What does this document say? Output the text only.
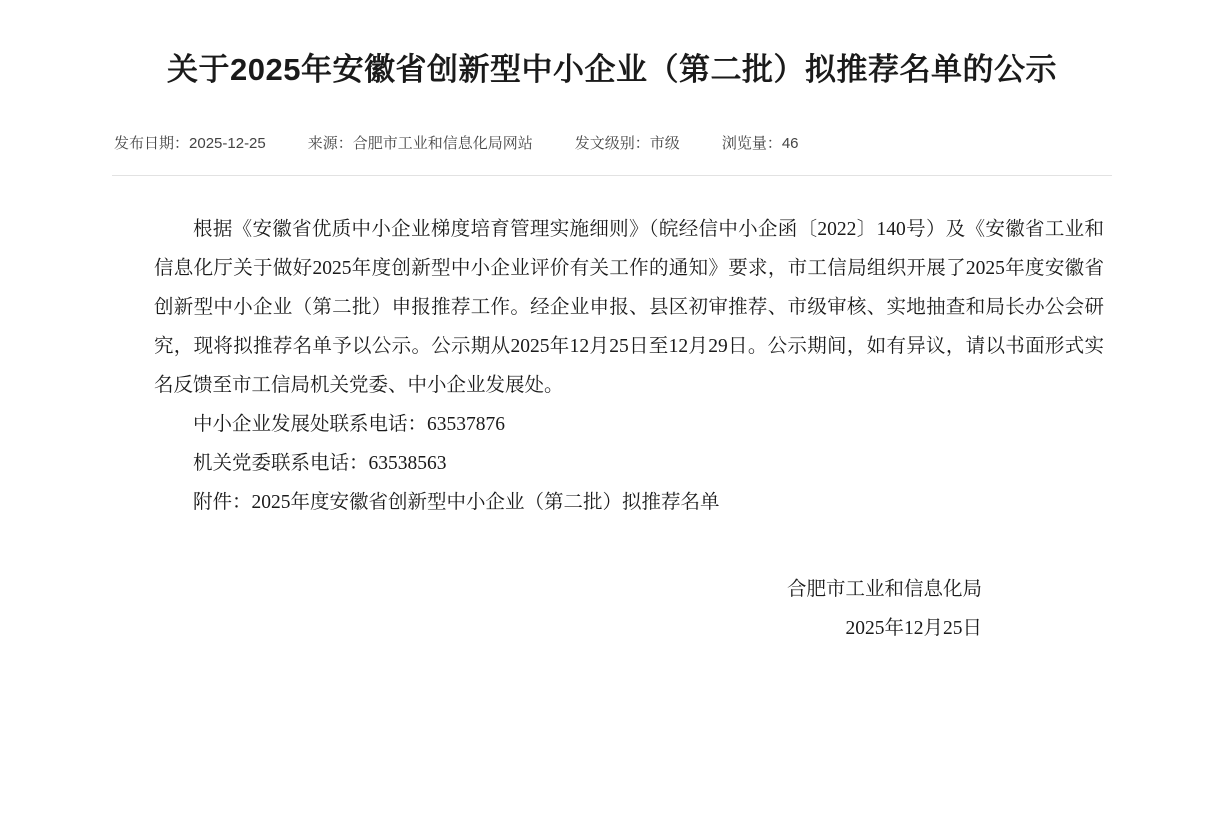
关于2025年安徽省创新型中小企业（第二批）拟推荐名单的公示
发布日期：2025-12-25	来源：合肥市工业和信息化局网站	发文级别：市级	浏览量：46

根据《安徽省优质中小企业梯度培育管理实施细则》（皖经信中小企函〔2022〕140号）及《安徽省工业和信息化厅关于做好2025年度创新型中小企业评价有关工作的通知》要求，市工信局组织开展了2025年度安徽省创新型中小企业（第二批）申报推荐工作。经企业申报、县区初审推荐、市级审核、实地抽查和局长办公会研究，现将拟推荐名单予以公示。公示期从2025年12月25日至12月29日。公示期间，如有异议，请以书面形式实名反馈至市工信局机关党委、中小企业发展处。

中小企业发展处联系电话：63537876

机关党委联系电话：63538563

附件：2025年度安徽省创新型中小企业（第二批）拟推荐名单

合肥市工业和信息化局
2025年12月25日
